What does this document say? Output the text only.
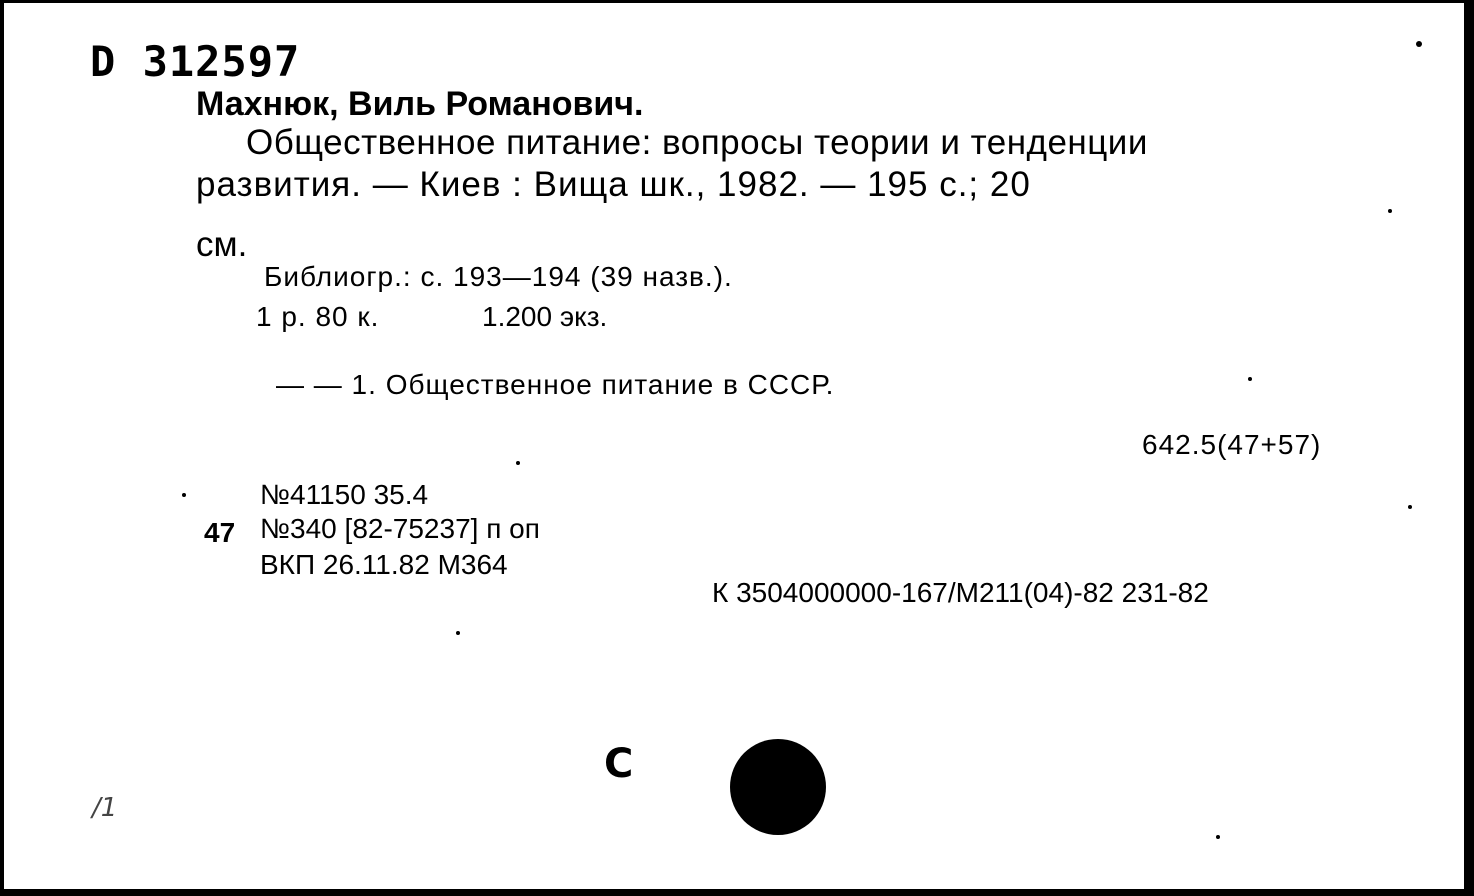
D 312597
Махнюк, Виль Романович.
Общественное питание: вопросы теории и тенденции
развития. — Киев : Вища шк., 1982. — 195 с.; 20
см.
Библиогр.: с. 193—194 (39 назв.).
1 р. 80 к.	1.200 экз.
— — 1. Общественное питание в СССР.
642.5(47+57)
№41150 35.4
47 №340 [82-75237] п оп
ВКП 26.11.82 М364
К 3504000000-167/М211(04)-82 231-82
C
/1
